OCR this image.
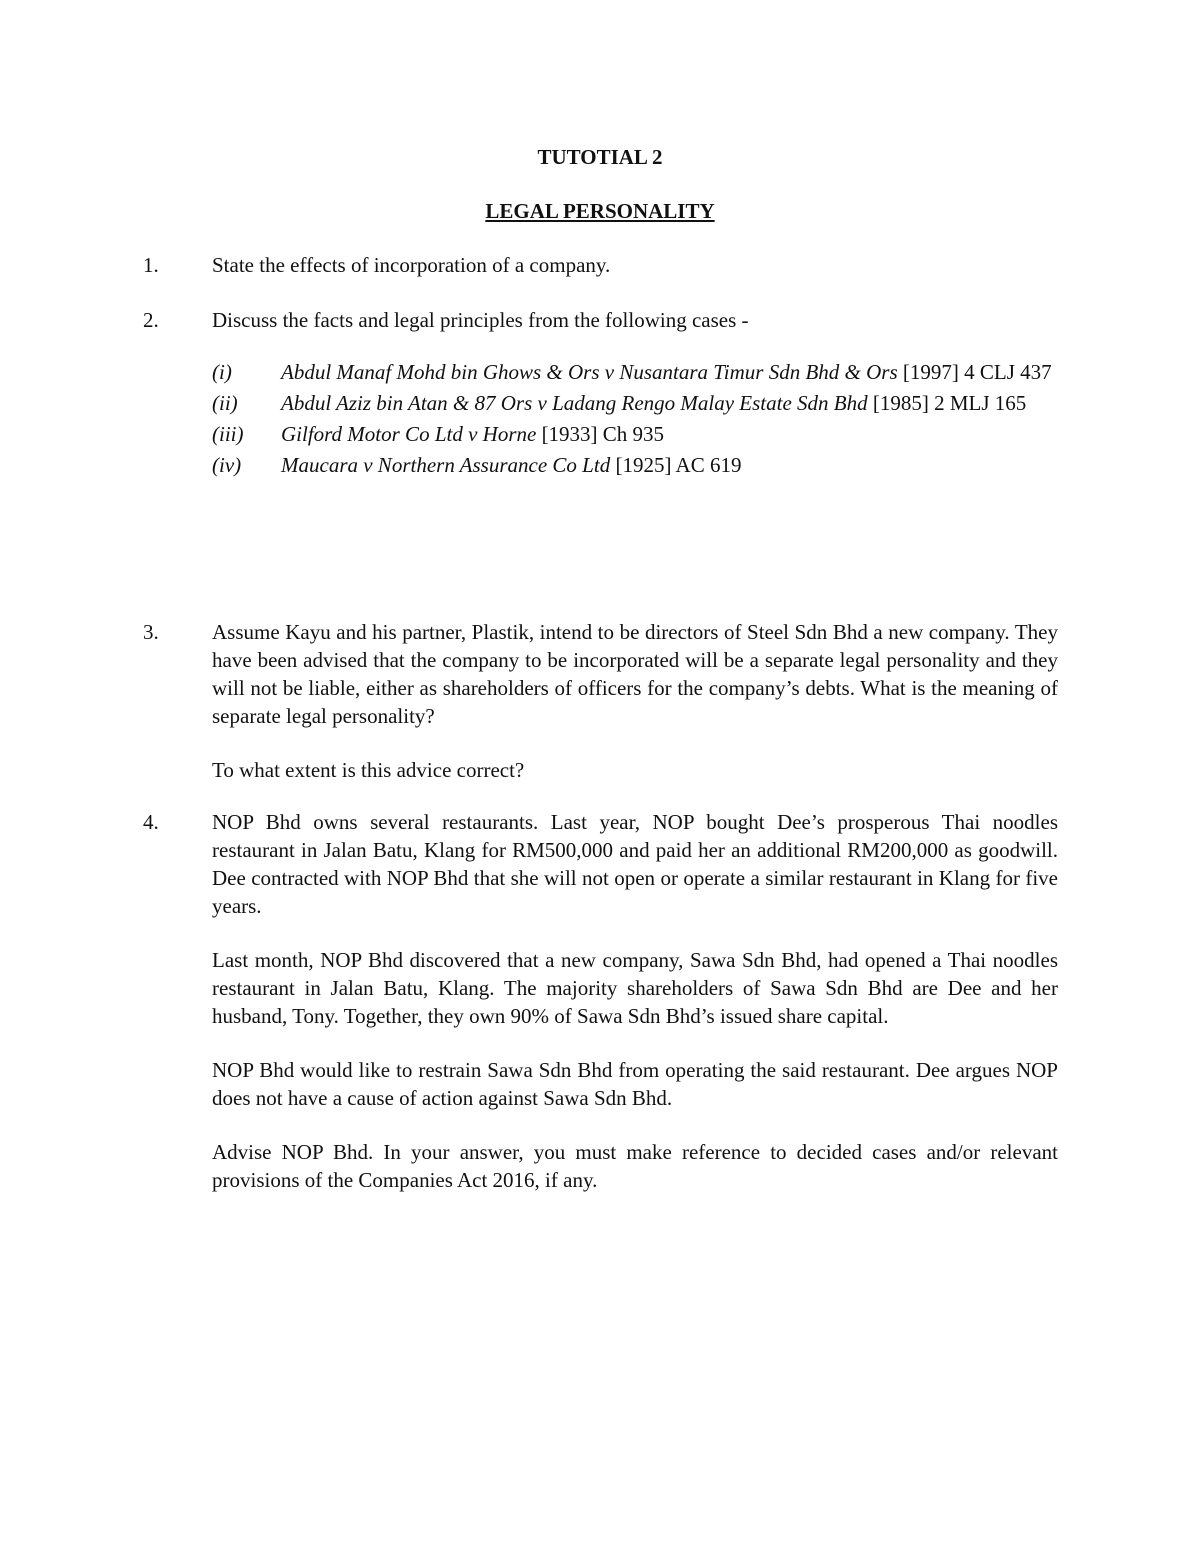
TUTOTIAL 2
LEGAL PERSONALITY
1.	State the effects of incorporation of a company.

2.	Discuss the facts and legal principles from the following cases -

(i) Abdul Manaf Mohd bin Ghows & Ors v Nusantara Timur Sdn Bhd & Ors [1997] 4 CLJ 437
(ii) Abdul Aziz bin Atan & 87 Ors v Ladang Rengo Malay Estate Sdn Bhd [1985] 2 MLJ 165
(iii) Gilford Motor Co Ltd v Horne [1933] Ch 935
(iv) Maucara v Northern Assurance Co Ltd [1925] AC 619
3.	Assume Kayu and his partner, Plastik, intend to be directors of Steel Sdn Bhd a new company. They have been advised that the company to be incorporated will be a separate legal personality and they will not be liable, either as shareholders of officers for the company’s debts. What is the meaning of separate legal personality?

To what extent is this advice correct?

4.	NOP Bhd owns several restaurants. Last year, NOP bought Dee’s prosperous Thai noodles restaurant in Jalan Batu, Klang for RM500,000 and paid her an additional RM200,000 as goodwill. Dee contracted with NOP Bhd that she will not open or operate a similar restaurant in Klang for five years.

Last month, NOP Bhd discovered that a new company, Sawa Sdn Bhd, had opened a Thai noodles restaurant in Jalan Batu, Klang. The majority shareholders of Sawa Sdn Bhd are Dee and her husband, Tony. Together, they own 90% of Sawa Sdn Bhd’s issued share capital.

NOP Bhd would like to restrain Sawa Sdn Bhd from operating the said restaurant. Dee argues NOP does not have a cause of action against Sawa Sdn Bhd.

Advise NOP Bhd. In your answer, you must make reference to decided cases and/or relevant provisions of the Companies Act 2016, if any.
